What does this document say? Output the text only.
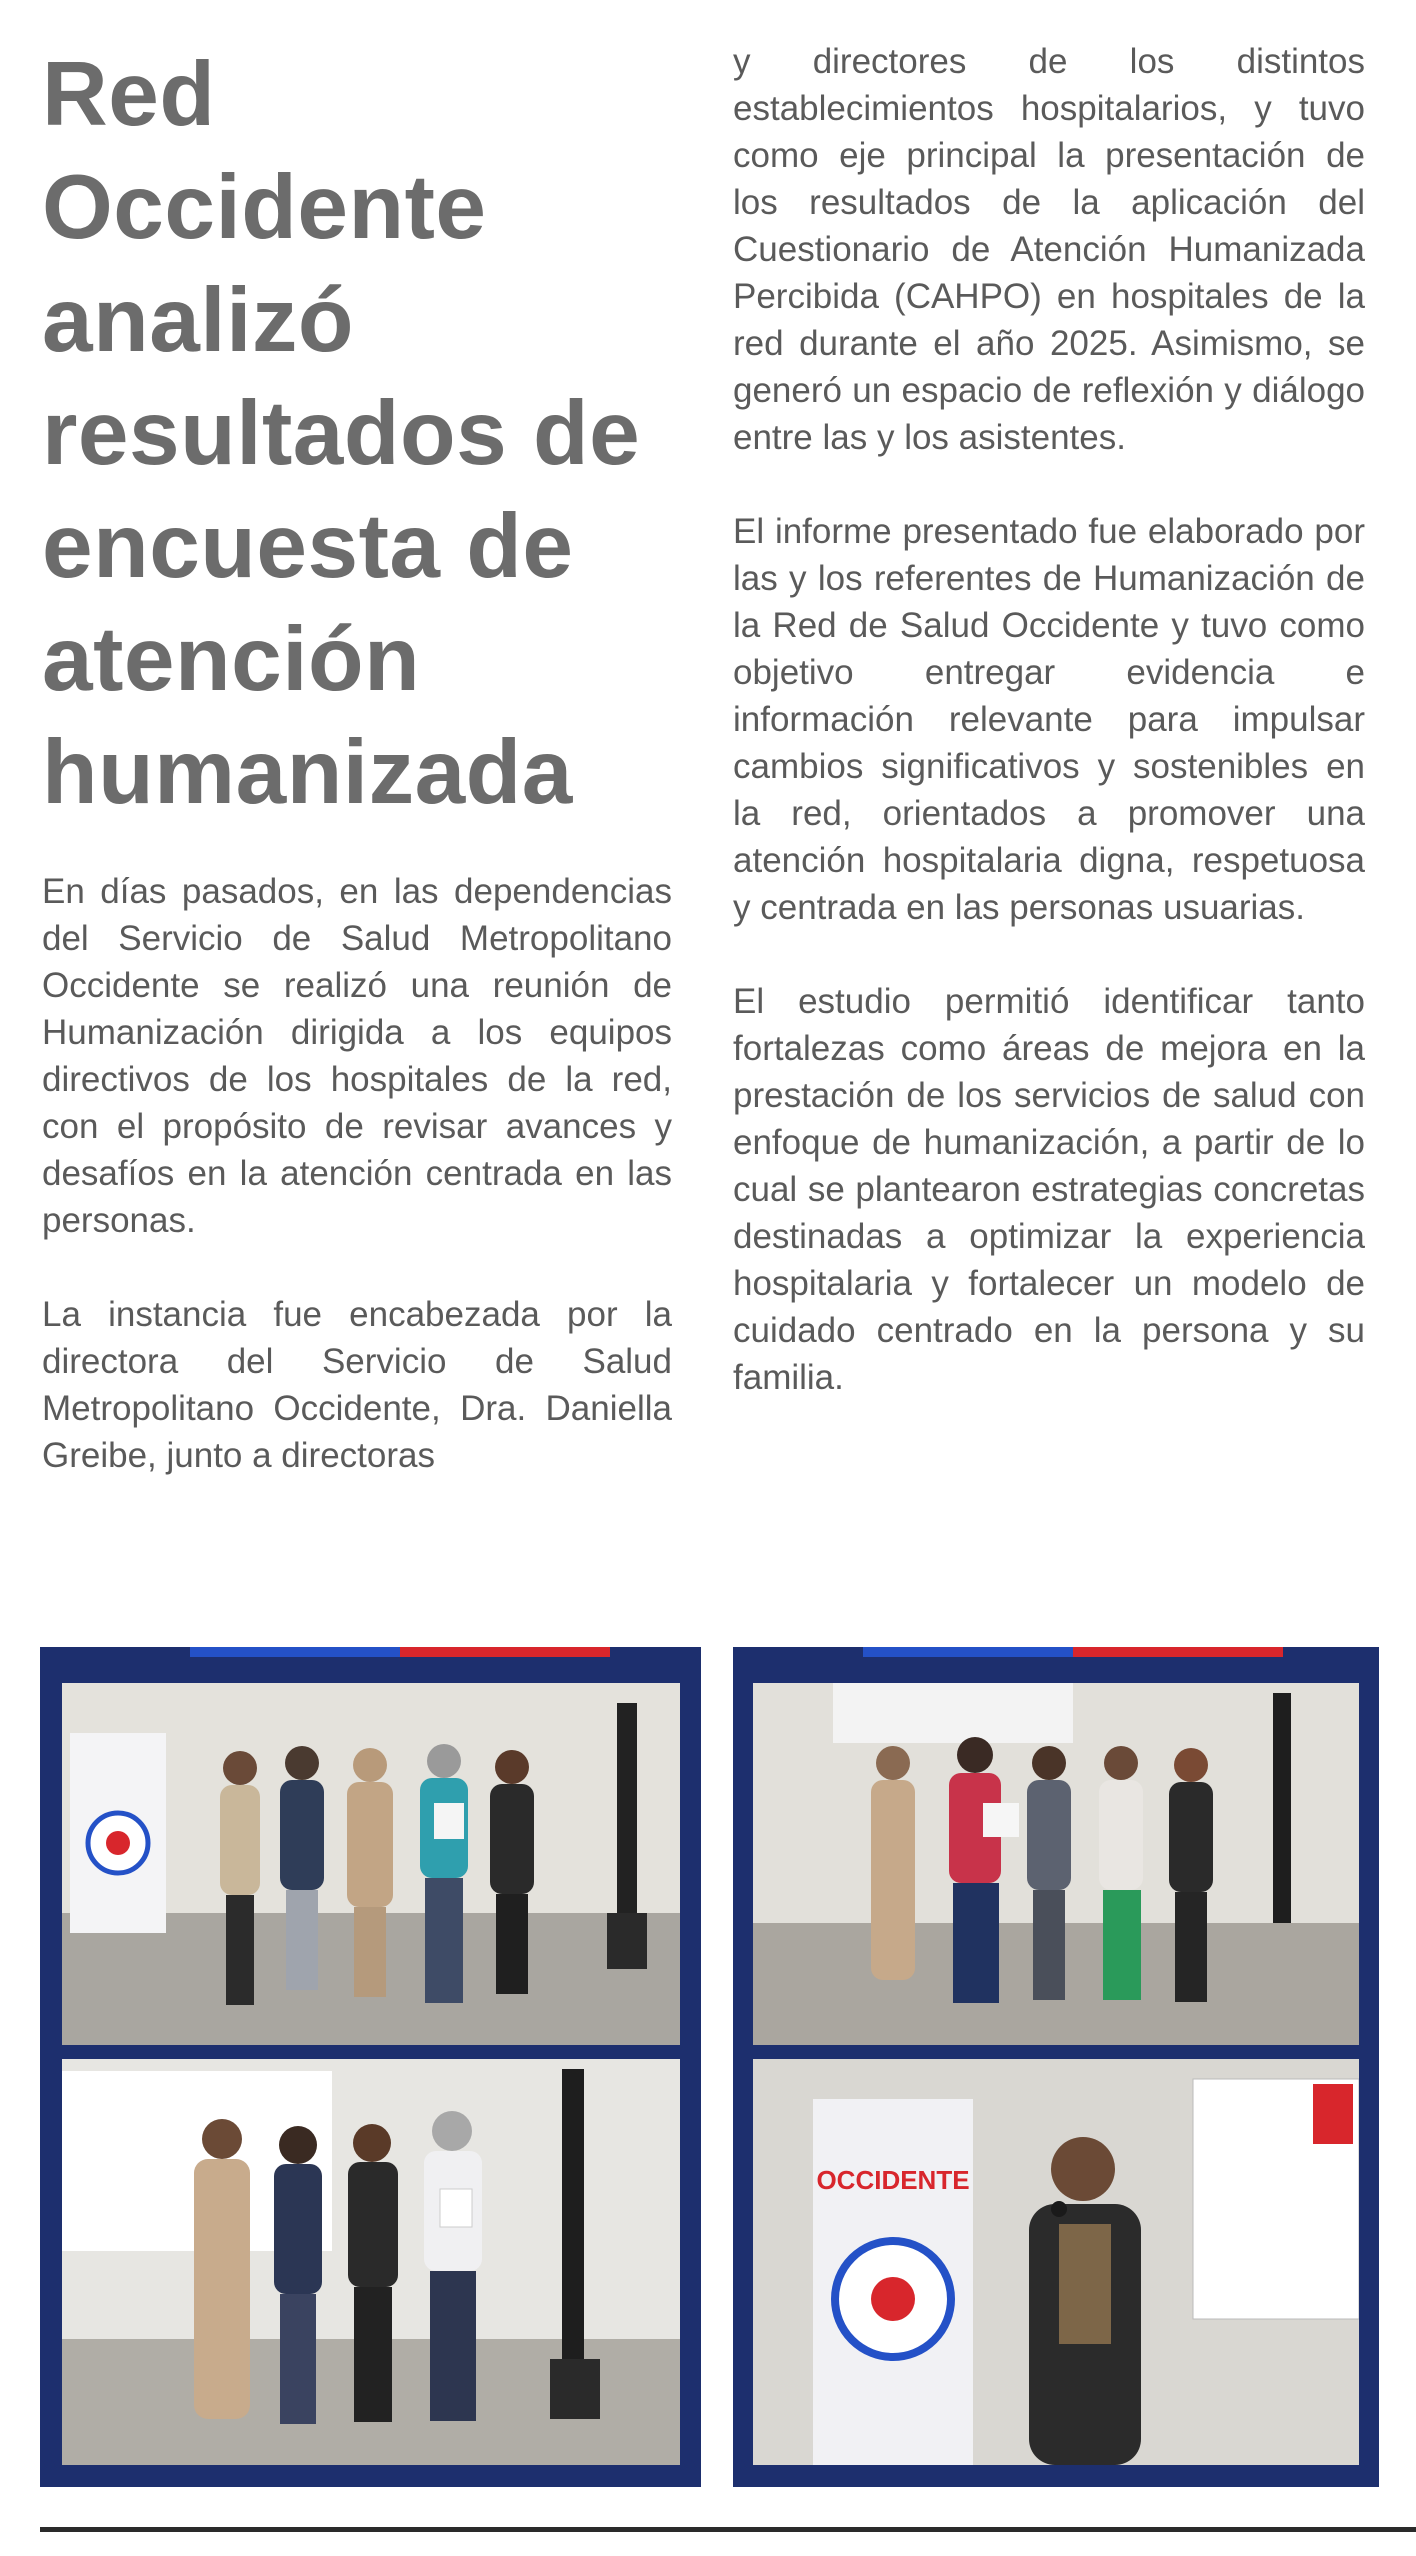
Red Occidente analizó resultados de encuesta de atención humanizada

En días pasados, en las dependencias del Servicio de Salud Metropolitano Occidente se realizó una reunión de Humanización dirigida a los equipos directivos de los hospitales de la red, con el propósito de revisar avances y desafíos en la atención centrada en las personas.

La instancia fue encabezada por la directora del Servicio de Salud Metropolitano Occidente, Dra. Daniella Greibe, junto a directoras

y directores de los distintos establecimientos hospitalarios, y tuvo como eje principal la presentación de los resultados de la aplicación del Cuestionario de Atención Humanizada Percibida (CAHPO) en hospitales de la red durante el año 2025. Asimismo, se generó un espacio de reflexión y diálogo entre las y los asistentes.

El informe presentado fue elaborado por las y los referentes de Humanización de la Red de Salud Occidente y tuvo como objetivo entregar evidencia e información relevante para impulsar cambios significativos y sostenibles en la red, orientados a promover una atención hospitalaria digna, respetuosa y centrada en las personas usuarias.

El estudio permitió identificar tanto fortalezas como áreas de mejora en la prestación de los servicios de salud con enfoque de humanización, a partir de lo cual se plantearon estrategias concretas destinadas a optimizar la experiencia hospitalaria y fortalecer un modelo de cuidado centrado en la persona y su familia.

OCCIDENTE
